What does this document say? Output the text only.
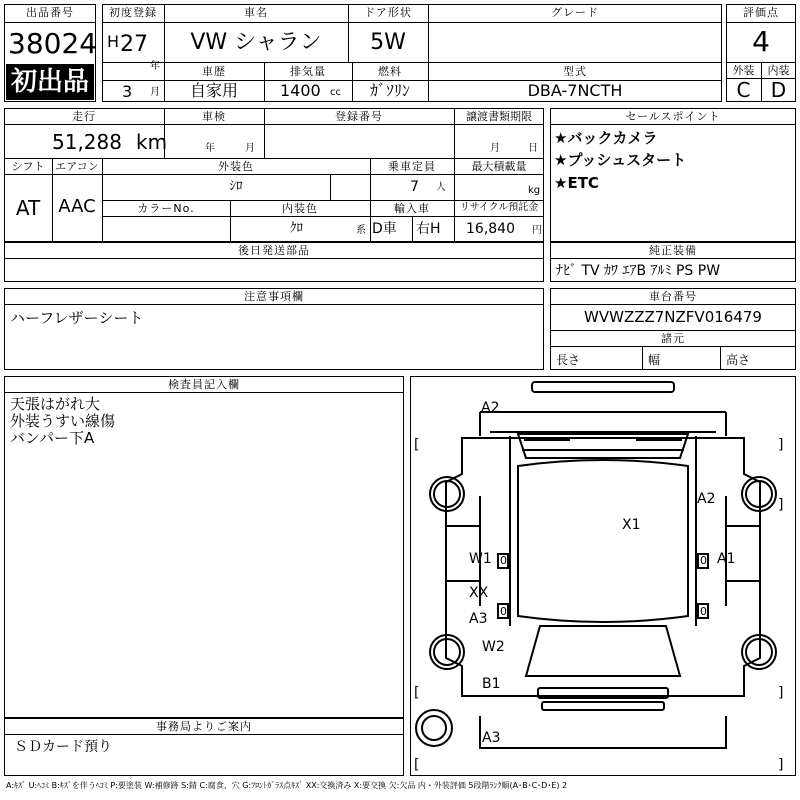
出品番号
38024
初出品
初度登録
H 27
年
3 月
車名
VW シャラン
ドア形状
5W
グレード
車歴
自家用
排気量
1400 cc
燃料
ｶﾞｿﾘﾝ
型式
DBA-7NCTH
評価点
4
外装	内装
C	D
走行
51,288 km
車検
年	月
登録番号	譲渡書類期限
月	日
シフト
AT
エアコン
AAC
外装色
ｼﾛ
乗車定員
7 人
最大積載量
kg
カラーNo.	内装色
ｸﾛ	系
輸入車
D車 右H
リサイクル預託金
16,840 円
後日発送部品
セールスポイント
★バックカメラ
★プッシュスタート
★ETC
純正装備
ﾅﾋﾞ TV ｶﾜ ｴｱB ｱﾙﾐ PS PW
注意事項欄
ハーフレザーシート
車台番号
WVWZZZ7NZFV016479
諸元
長さ	幅	高さ
検査員記入欄
天張はがれ大
外装うすい線傷
バンパー下A
事務局よりご案内
ＳＤカード預り
[	]
]
[	]
]
[
0	0
0	0
A2
X1
A2
W1	A1
XX
A3
W2
B1
A3
A:ｷｽﾞ U:ﾍｺﾐ B:ｷｽﾞを伴うﾍｺﾐ P:要塗装 W:補修跡 S:錆 C:腐食、穴 G:ﾌﾛﾝﾄｶﾞﾗｽ点ｷｽﾞ XX:交換済み X:要交換 欠:欠品 内・外装評価 5段階ﾗﾝｸ順(A･B･C･D･E) 2
